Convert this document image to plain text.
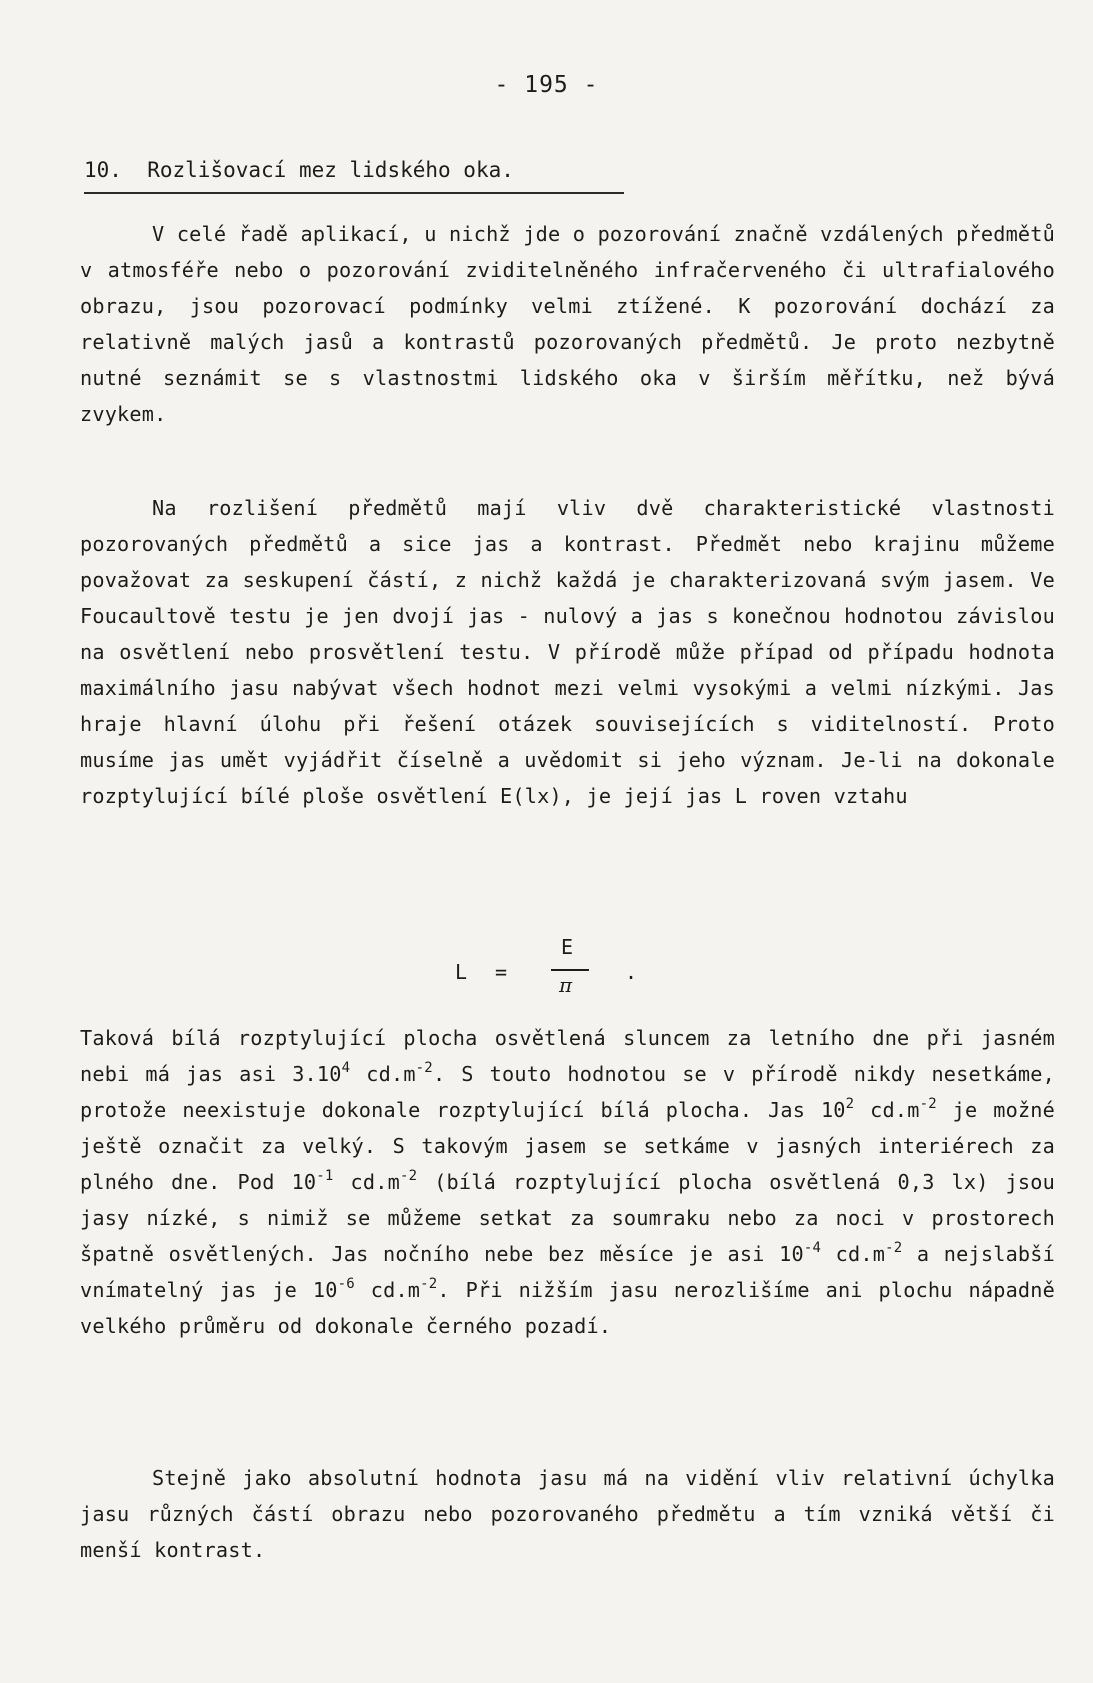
- 195 -
10. Rozlišovací mez lidského oka.
V celé řadě aplikací, u nichž jde o pozorování značně vzdálených předmětů v atmosféře nebo o pozorování zviditelněného infračerveného či ultrafialového obrazu, jsou pozorovací podmínky velmi ztížené. K pozorování dochází za relativně malých jasů a kontrastů pozorovaných předmětů. Je proto nezbytně nutné seznámit se s vlastnostmi lidského oka v širším měřítku, než bývá zvykem.
Na rozlišení předmětů mají vliv dvě charakteristické vlastnosti pozorovaných předmětů a sice jas a kontrast. Předmět nebo krajinu můžeme považovat za seskupení částí, z nichž každá je charakterizovaná svým jasem. Ve Foucaultově testu je jen dvojí jas - nulový a jas s konečnou hodnotou závislou na osvětlení nebo prosvětlení testu. V přírodě může případ od případu hodnota maximálního jasu nabývat všech hodnot mezi velmi vysokými a velmi nízkými. Jas hraje hlavní úlohu při řešení otázek souvisejících s viditelností. Proto musíme jas umět vyjádřit číselně a uvědomit si jeho význam. Je-li na dokonale rozptylující bílé ploše osvětlení E(lx), je její jas L roven vztahu
L =
E
π
.
Taková bílá rozptylující plocha osvětlená sluncem za letního dne při jasném nebi má jas asi 3.10$^4$ $cd.m^{-2}$. S touto hodnotou se v přírodě nikdy nesetkáme, protože neexistuje dokonale rozptylující bílá plocha. Jas $10^2$ $cd.m^{-2}$ je možné ještě označit za velký. S takovým jasem se setkáme v jasných interiérech za plného dne. Pod $10^{-1}$ $cd.m^{-2}$ (bílá rozptylující plocha osvětlená 0,3 lx) jsou jasy nízké, s nimiž se můžeme setkat za soumraku nebo za noci v prostorech špatně osvětlených. Jas nočního nebe bez měsíce je asi $10^{-4}$ $cd.m^{-2}$ a nejslabší vnímatelný jas je $10^{-6}$ $cd.m^{-2}$. Při nižším jasu nerozlišíme ani plochu nápadně velkého průměru od dokonale černého pozadí.
Stejně jako absolutní hodnota jasu má na vidění vliv relativní úchylka jasu různých částí obrazu nebo pozorovaného předmětu a tím vzniká větší či menší kontrast.
